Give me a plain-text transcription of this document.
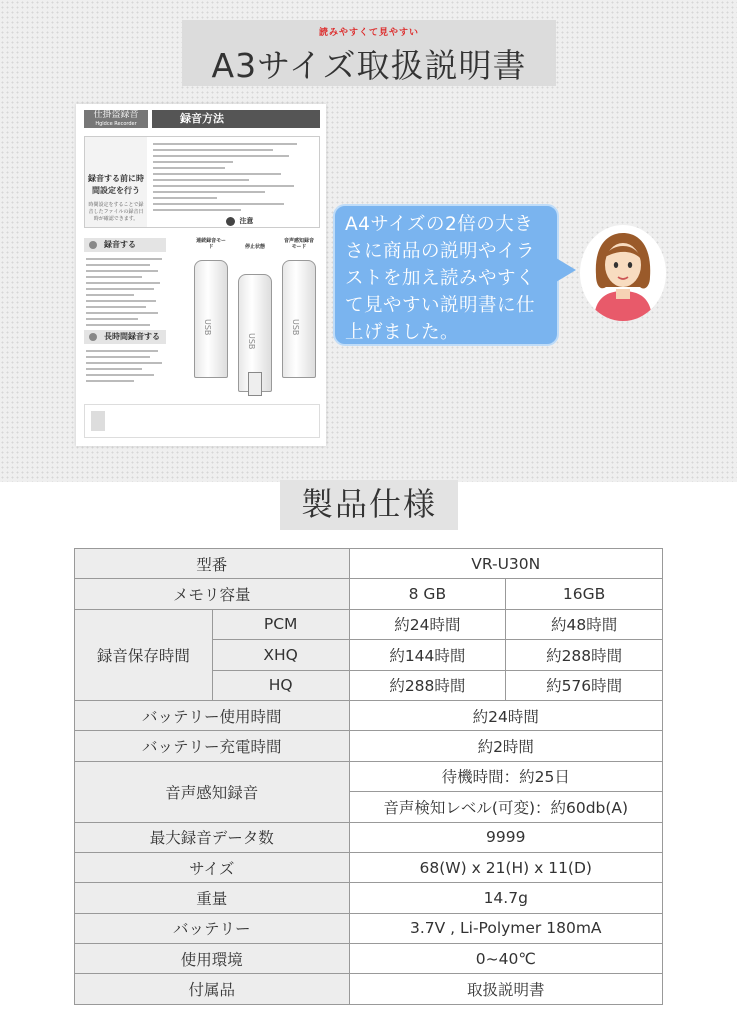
読みやすくて見やすい
A3サイズ取扱説明書
仕掛盗録音
Hgldce Recorder	録音方法
録音する前に時間設定を行う
時間設定をすることで録音したファイルの録音日時が確認できます。	注意
録音する
長時間録音する
連続録音モード	停止状態
音声感知録音モード
USB
USB
USB
A4サイズの2倍の大きさに商品の説明やイラストを加え読みやすくて見やすい説明書に仕上げました。
製品仕様
型番		VR-U30N	
メモリ容量		8 GB	16GB
録音保存時間	PCM	約24時間	約48時間
	XHQ	約144時間	約288時間
	HQ	約288時間	約576時間
バッテリー使用時間		約24時間	
バッテリー充電時間		約2時間	
音声感知録音		待機時間：約25日	
		音声検知レベル(可変)：約60db(A)	
最大録音データ数		9999	
サイズ		68(W) x 21(H) x 11(D)	
重量		14.7g	
バッテリー		3.7V , Li-Polymer 180mA	
使用環境		0~40℃	
付属品		取扱説明書	
